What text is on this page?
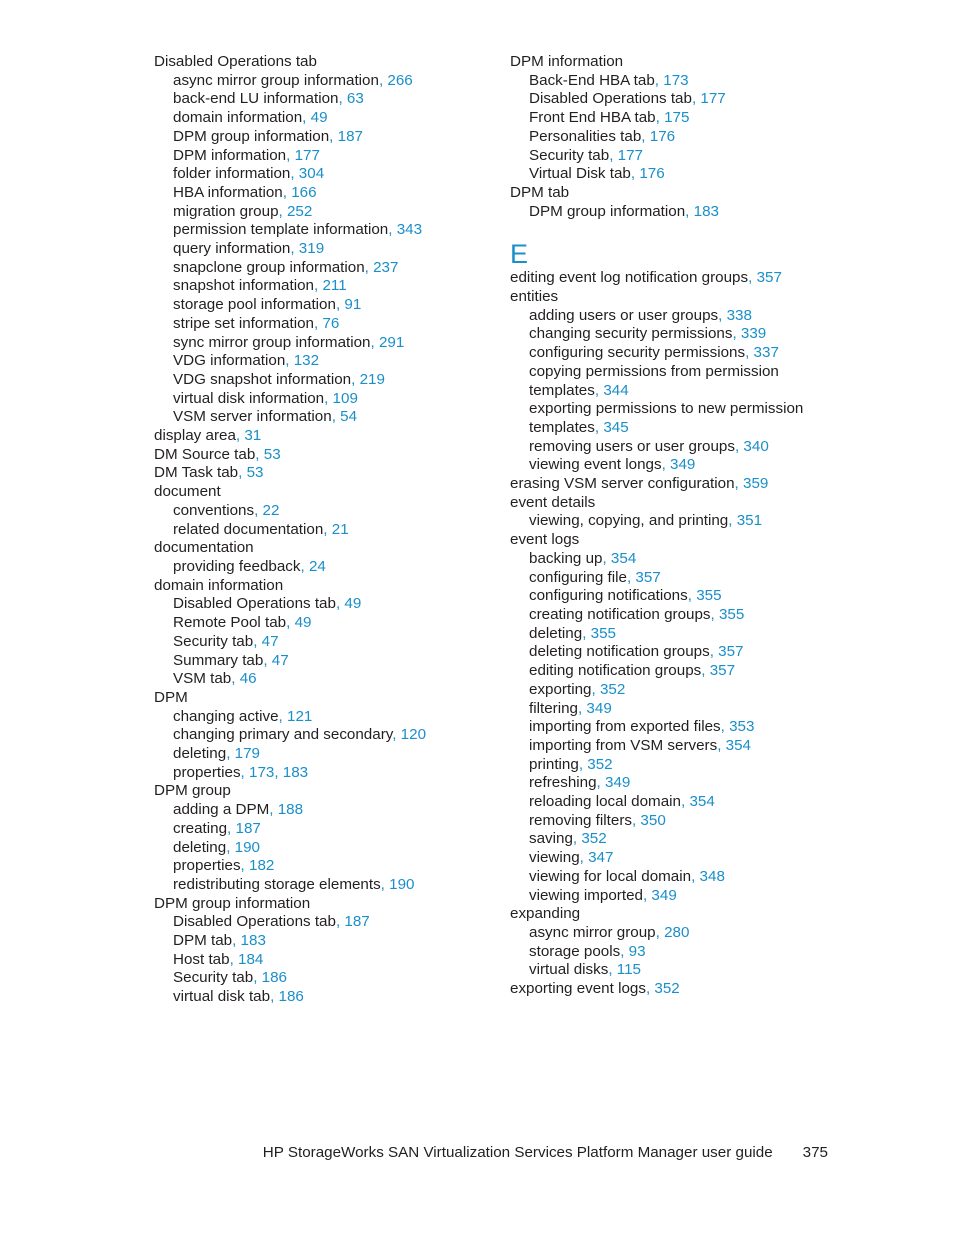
Disabled Operations tab
async mirror group information, 266
back-end LU information, 63
domain information, 49
DPM group information, 187
DPM information, 177
folder information, 304
HBA information, 166
migration group, 252
permission template information, 343
query information, 319
snapclone group information, 237
snapshot information, 211
storage pool information, 91
stripe set information, 76
sync mirror group information, 291
VDG information, 132
VDG snapshot information, 219
virtual disk information, 109
VSM server information, 54
display area, 31
DM Source tab, 53
DM Task tab, 53
document
conventions, 22
related documentation, 21
documentation
providing feedback, 24
domain information
Disabled Operations tab, 49
Remote Pool tab, 49
Security tab, 47
Summary tab, 47
VSM tab, 46
DPM
changing active, 121
changing primary and secondary, 120
deleting, 179
properties, 173, 183
DPM group
adding a DPM, 188
creating, 187
deleting, 190
properties, 182
redistributing storage elements, 190
DPM group information
Disabled Operations tab, 187
DPM tab, 183
Host tab, 184
Security tab, 186
virtual disk tab, 186
DPM information
Back-End HBA tab, 173
Disabled Operations tab, 177
Front End HBA tab, 175
Personalities tab, 176
Security tab, 177
Virtual Disk tab, 176
DPM tab
DPM group information, 183
E
editing event log notification groups, 357
entities
adding users or user groups, 338
changing security permissions, 339
configuring security permissions, 337
copying permissions from permission
templates, 344
exporting permissions to new permission
templates, 345
removing users or user groups, 340
viewing event longs, 349
erasing VSM server configuration, 359
event details
viewing, copying, and printing, 351
event logs
backing up, 354
configuring file, 357
configuring notifications, 355
creating notification groups, 355
deleting, 355
deleting notification groups, 357
editing notification groups, 357
exporting, 352
filtering, 349
importing from exported files, 353
importing from VSM servers, 354
printing, 352
refreshing, 349
reloading local domain, 354
removing filters, 350
saving, 352
viewing, 347
viewing for local domain, 348
viewing imported, 349
expanding
async mirror group, 280
storage pools, 93
virtual disks, 115
exporting event logs, 352
HP StorageWorks SAN Virtualization Services Platform Manager user guide 375
